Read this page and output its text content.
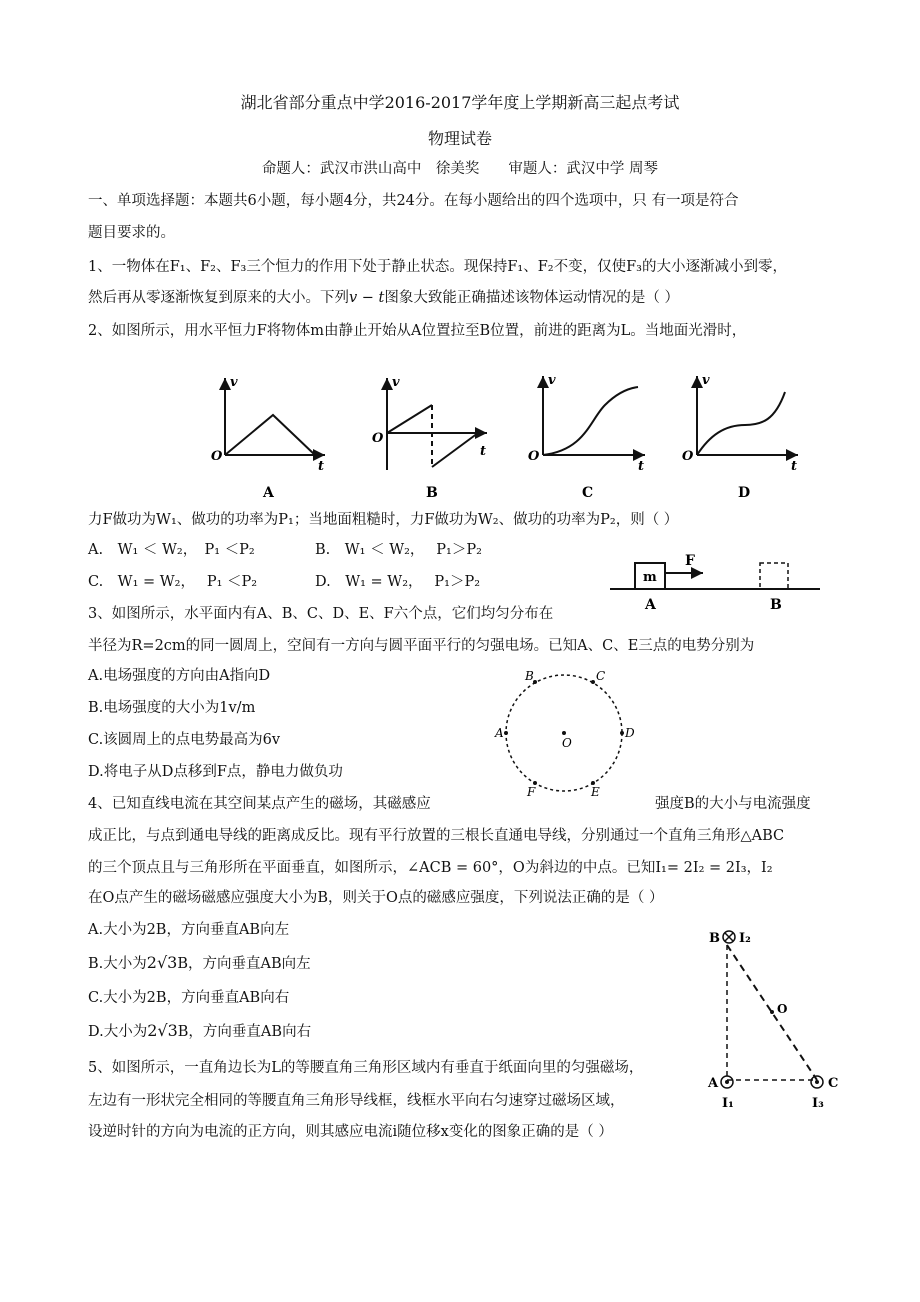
湖北省部分重点中学2016-2017学年度上学期新高三起点考试
物理试卷
命题人：武汉市洪山高中　徐美奖　　审题人：武汉中学 周琴
一、单项选择题：本题共6小题，每小题4分，共24分。在每小题给出的四个选项中，只 有一项是符合
题目要求的。
1、一物体在F₁、F₂、F₃三个恒力的作用下处于静止状态。现保持F₁、F₂不变，仅使F₃的大小逐渐减小到零，
然后再从零逐渐恢复到原来的大小。下列v − t图象大致能正确描述该物体运动情况的是（ ）
2、如图所示，用水平恒力F将物体m由静止开始从A位置拉至B位置，前进的距离为L。当地面光滑时，
v
t
O
A
v
t
O
B
v
t
O
C
v
t
O
D
力F做功为W₁、做功的功率为P₁；当地面粗糙时，力F做功为W₂、做功的功率为P₂，则（ ）
A.　W₁ ＜ W₂，　P₁ ＜P₂	B.　W₁ ＜ W₂，　 P₁＞P₂
C.　W₁ = W₂，　 P₁ ＜P₂	D.　W₁ = W₂，　 P₁＞P₂	m
F
A	B
3、如图所示，水平面内有A、B、C、D、E、F六个点，它们均匀分布在
半径为R=2cm的同一圆周上，空间有一方向与圆平面平行的匀强电场。已知A、C、E三点的电势分别为
A.电场强度的方向由A指向D
B.电场强度的大小为1v/m
C.该圆周上的点电势最高为6v
D.将电子从D点移到F点，静电力做负功
A
B	C
D
E
F
O
4、已知直线电流在其空间某点产生的磁场，其磁感应	强度B的大小与电流强度
成正比，与点到通电导线的距离成反比。现有平行放置的三根长直通电导线，分别通过一个直角三角形△ABC
的三个顶点且与三角形所在平面垂直，如图所示，∠ACB = 60°，O为斜边的中点。已知I₁= 2I₂ = 2I₃，I₂
在O点产生的磁场磁感应强度大小为B，则关于O点的磁感应强度，下列说法正确的是（ ）
A.大小为2B，方向垂直AB向左
B.大小为2√3B，方向垂直AB向左
C.大小为2B，方向垂直AB向右
D.大小为2√3B，方向垂直AB向右
B I₂
O
A
I₁
C
I₃
5、如图所示，一直角边长为L的等腰直角三角形区域内有垂直于纸面向里的匀强磁场，
左边有一形状完全相同的等腰直角三角形导线框，线框水平向右匀速穿过磁场区域，
设逆时针的方向为电流的正方向，则其感应电流i随位移x变化的图象正确的是（ ）
